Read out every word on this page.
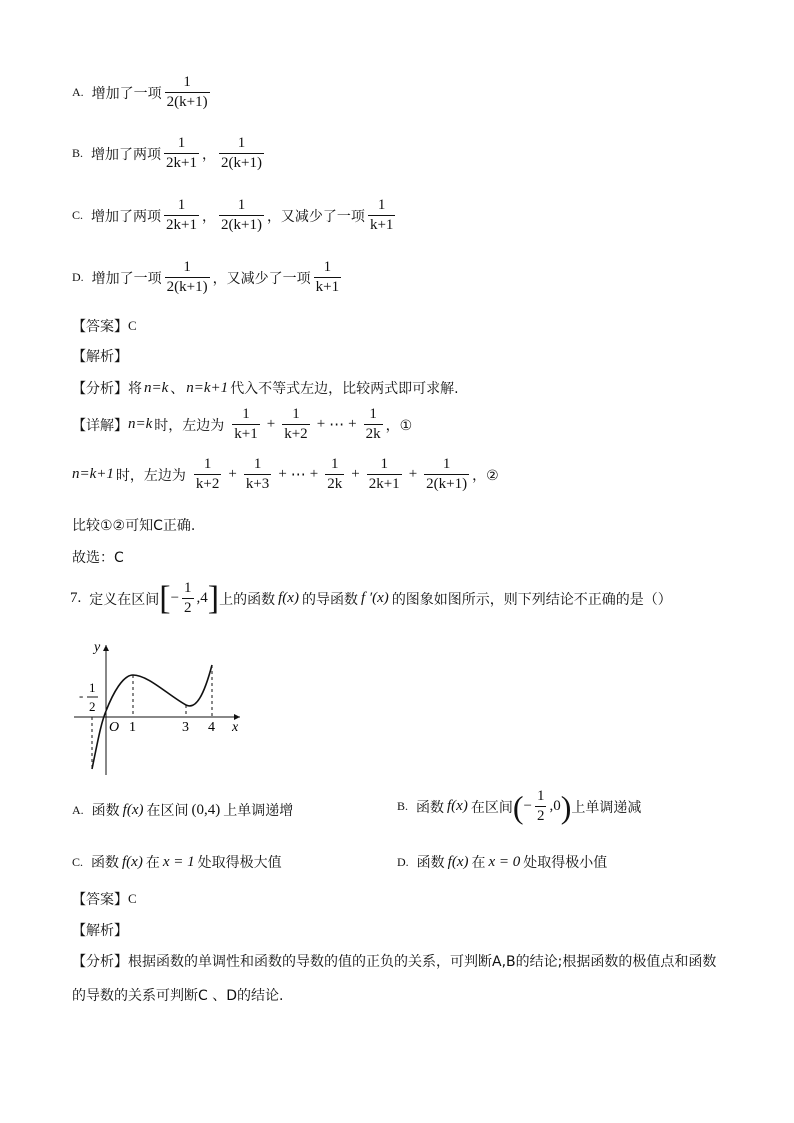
A. 增加了一项 $\frac{1}{2(k+1)}$
B. 增加了两项 $\frac{1}{2k+1}$ ， $\frac{1}{2(k+1)}$
C. 增加了两项 $\frac{1}{2k+1}$ ， $\frac{1}{2(k+1)}$ ，又减少了一项 $\frac{1}{k+1}$
D. 增加了一项 $\frac{1}{2(k+1)}$ ，又减少了一项 $\frac{1}{k+1}$
【答案】 C
【解析】
【分析】 将 n=k 、 n=k+1 代入不等式左边，比较两式即可求解.
【详解】 n=k 时，左边为 $\frac{1}{k+1} + \frac{1}{k+2}$ + ⋯ + $\frac{1}{2k}$ ，①
n=k+1 时，左边为 $\frac{1}{k+2} + \frac{1}{k+3}$ + ⋯ + $\frac{1}{2k} + \frac{1}{2k+1} + \frac{1}{2(k+1)}$ ，②
比较①②可知C正确.
故选：C
7. 定义在区间 [ − $\frac{1}{2} ,4$ ] 上的函数 f(x) 的导函数 f ′(x) 的图象如图所示，则下列结论不正确的是（）
y
x
O 1	3 4
-
1
2
A. 函数 f(x) 在区间 (0,4) 上单调递增	B. 函数 f(x) 在区间 ( − $\frac{1}{2} ,0$ ) 上单调递减
C. 函数 f(x) 在 x = 1 处取得极大值	D. 函数 f(x) 在 x = 0 处取得极小值
【答案】 C
【解析】
【分析】 根据函数的单调性和函数的导数的值的正负的关系，可判断A,B的结论;根据函数的极值点和函数
的导数的关系可判断C 、D的结论.
